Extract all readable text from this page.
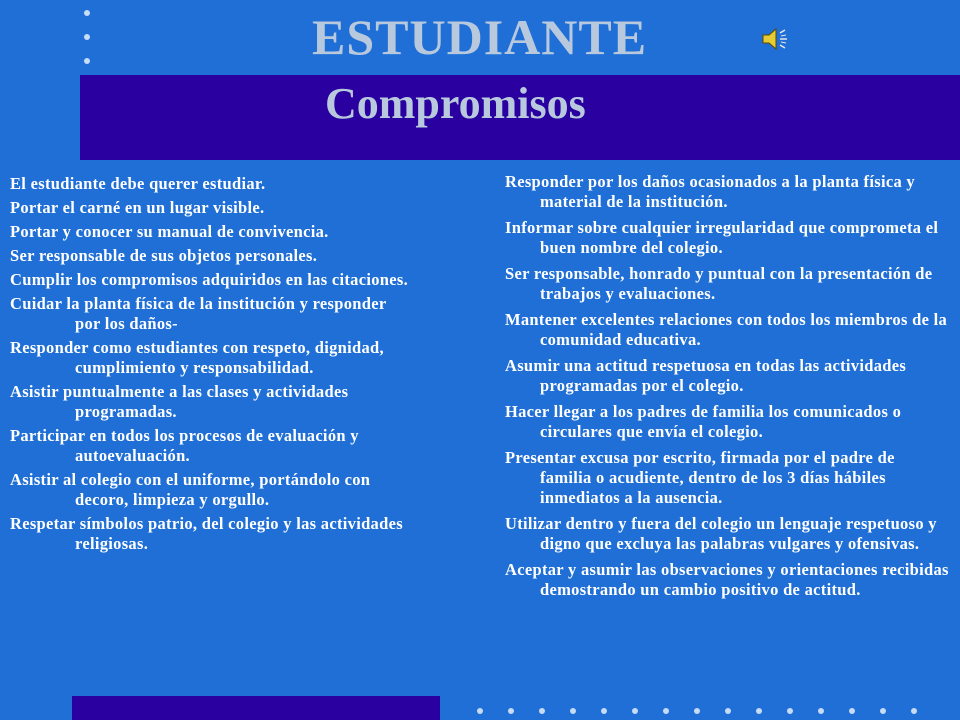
ESTUDIANTE
Compromisos
El estudiante debe querer estudiar.
Portar el carné en un lugar visible.
Portar y conocer su manual de convivencia.
Ser responsable de sus objetos personales.
Cumplir los compromisos adquiridos en las citaciones.
Cuidar la planta física de la institución y responder por los daños-
Responder como estudiantes con respeto, dignidad, cumplimiento y responsabilidad.
Asistir puntualmente a las clases y actividades programadas.
Participar en todos los procesos de evaluación y autoevaluación.
Asistir al colegio con el uniforme, portándolo con decoro, limpieza y orgullo.
Respetar símbolos patrio, del colegio y las actividades religiosas.
Responder por los daños ocasionados a la planta física y material de la institución.
Informar sobre cualquier irregularidad que comprometa el buen nombre del colegio.
Ser responsable, honrado y puntual con la presentación de trabajos y evaluaciones.
Mantener excelentes relaciones con todos los miembros de la comunidad educativa.
Asumir una actitud respetuosa en todas las actividades programadas por el colegio.
Hacer llegar a los padres de familia los comunicados o circulares que envía el colegio.
Presentar excusa por escrito, firmada por el padre de familia o acudiente, dentro de los 3 días hábiles inmediatos a la ausencia.
Utilizar dentro y fuera del colegio un lenguaje respetuoso y digno que excluya las palabras vulgares y ofensivas.
Aceptar y asumir las observaciones y orientaciones recibidas demostrando un cambio positivo de actitud.
